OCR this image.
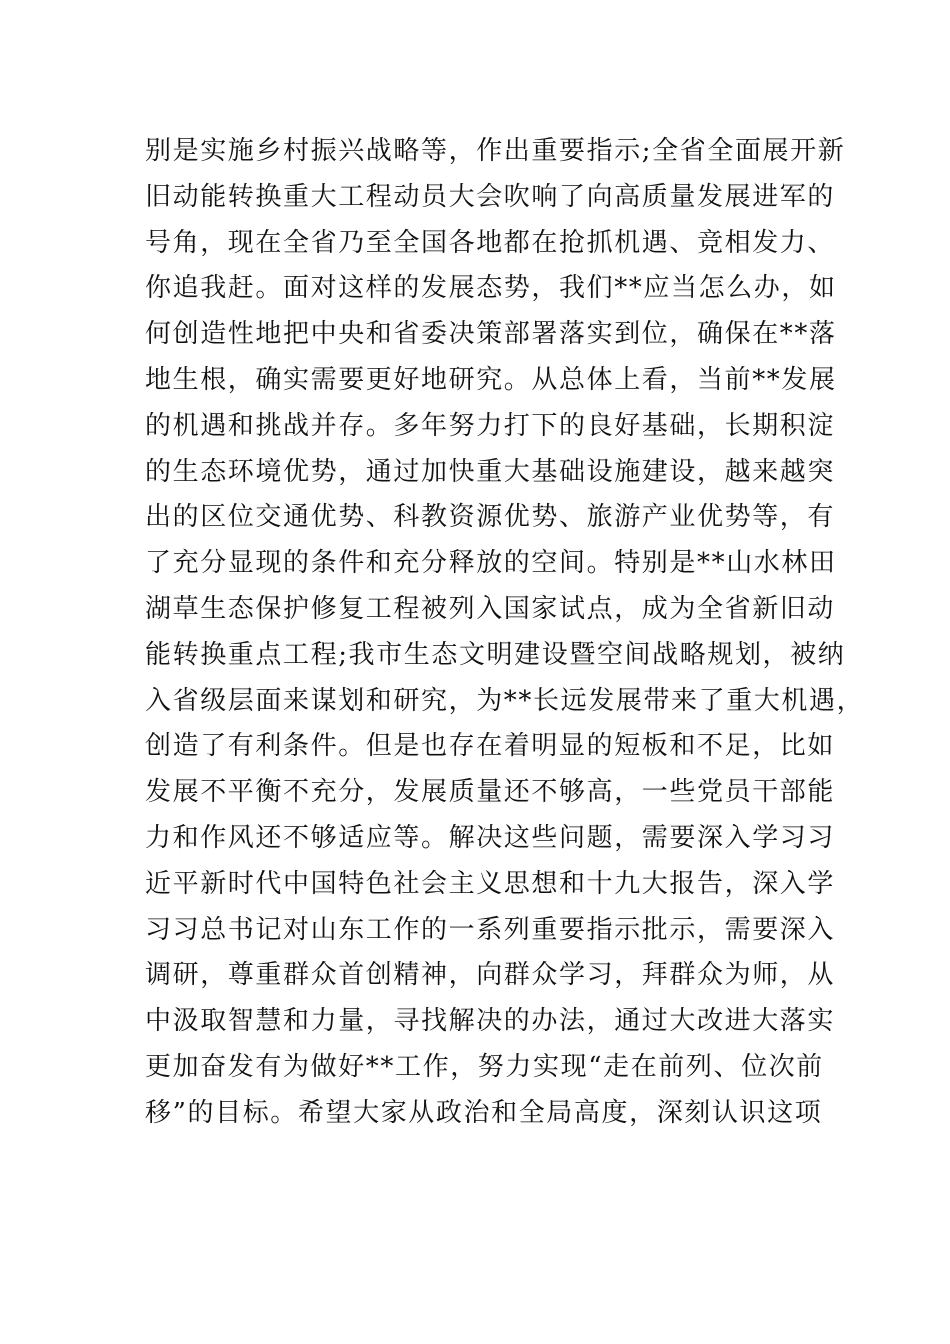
别是实施乡村振兴战略等，作出重要指示;全省全面展开新
旧动能转换重大工程动员大会吹响了向高质量发展进军的
号角，现在全省乃至全国各地都在抢抓机遇、竞相发力、
你追我赶。面对这样的发展态势，我们**应当怎么办，如
何创造性地把中央和省委决策部署落实到位，确保在**落
地生根，确实需要更好地研究。从总体上看，当前**发展
的机遇和挑战并存。多年努力打下的良好基础，长期积淀
的生态环境优势，通过加快重大基础设施建设，越来越突
出的区位交通优势、科教资源优势、旅游产业优势等，有
了充分显现的条件和充分释放的空间。特别是**山水林田
湖草生态保护修复工程被列入国家试点，成为全省新旧动
能转换重点工程;我市生态文明建设暨空间战略规划，被纳
入省级层面来谋划和研究，为**长远发展带来了重大机遇，
创造了有利条件。但是也存在着明显的短板和不足，比如
发展不平衡不充分，发展质量还不够高，一些党员干部能
力和作风还不够适应等。解决这些问题，需要深入学习习
近平新时代中国特色社会主义思想和十九大报告，深入学
习习总书记对山东工作的一系列重要指示批示，需要深入
调研，尊重群众首创精神，向群众学习，拜群众为师，从
中汲取智慧和力量，寻找解决的办法，通过大改进大落实
更加奋发有为做好**工作，努力实现“走在前列、位次前
移”的目标。希望大家从政治和全局高度，深刻认识这项
